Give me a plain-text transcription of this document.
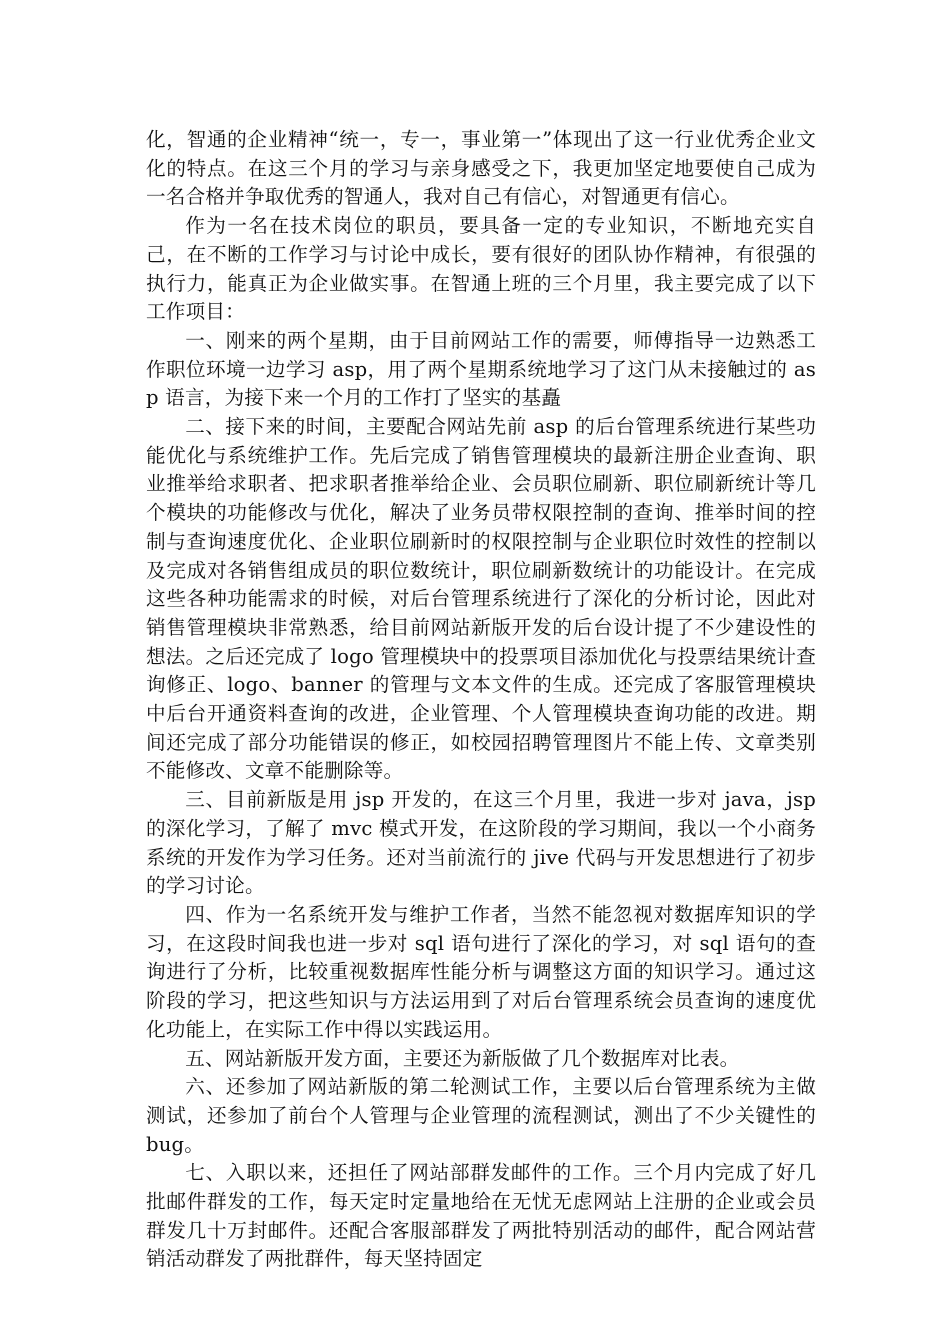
化，智通的企业精神“统一，专一，事业第一”体现出了这一行业优秀企业文化的特点。在这三个月的学习与亲身感受之下，我更加坚定地要使自己成为一名合格并争取优秀的智通人，我对自己有信心，对智通更有信心。

作为一名在技术岗位的职员，要具备一定的专业知识，不断地充实自己，在不断的工作学习与讨论中成长，要有很好的团队协作精神，有很强的执行力，能真正为企业做实事。在智通上班的三个月里，我主要完成了以下工作项目：

一、刚来的两个星期，由于目前网站工作的需要，师傅指导一边熟悉工作职位环境一边学习 asp，用了两个星期系统地学习了这门从未接触过的 asp 语言，为接下来一个月的工作打了坚实的基矗

二、接下来的时间，主要配合网站先前 asp 的后台管理系统进行某些功能优化与系统维护工作。先后完成了销售管理模块的最新注册企业查询、职业推举给求职者、把求职者推举给企业、会员职位刷新、职位刷新统计等几个模块的功能修改与优化，解决了业务员带权限控制的查询、推举时间的控制与查询速度优化、企业职位刷新时的权限控制与企业职位时效性的控制以及完成对各销售组成员的职位数统计，职位刷新数统计的功能设计。在完成这些各种功能需求的时候，对后台管理系统进行了深化的分析讨论，因此对销售管理模块非常熟悉，给目前网站新版开发的后台设计提了不少建设性的想法。之后还完成了 logo 管理模块中的投票项目添加优化与投票结果统计查询修正、logo、banner 的管理与文本文件的生成。还完成了客服管理模块中后台开通资料查询的改进，企业管理、个人管理模块查询功能的改进。期间还完成了部分功能错误的修正，如校园招聘管理图片不能上传、文章类别不能修改、文章不能删除等。

三、目前新版是用 jsp 开发的，在这三个月里，我进一步对 java，jsp 的深化学习，了解了 mvc 模式开发，在这阶段的学习期间，我以一个小商务系统的开发作为学习任务。还对当前流行的 jive 代码与开发思想进行了初步的学习讨论。

四、作为一名系统开发与维护工作者，当然不能忽视对数据库知识的学习，在这段时间我也进一步对 sql 语句进行了深化的学习，对 sql 语句的查询进行了分析，比较重视数据库性能分析与调整这方面的知识学习。通过这阶段的学习，把这些知识与方法运用到了对后台管理系统会员查询的速度优化功能上，在实际工作中得以实践运用。

五、网站新版开发方面，主要还为新版做了几个数据库对比表。

六、还参加了网站新版的第二轮测试工作，主要以后台管理系统为主做测试，还参加了前台个人管理与企业管理的流程测试，测出了不少关键性的 bug。

七、入职以来，还担任了网站部群发邮件的工作。三个月内完成了好几批邮件群发的工作，每天定时定量地给在无忧无虑网站上注册的企业或会员群发几十万封邮件。还配合客服部群发了两批特别活动的邮件，配合网站营销活动群发了两批群件，每天坚持固定
